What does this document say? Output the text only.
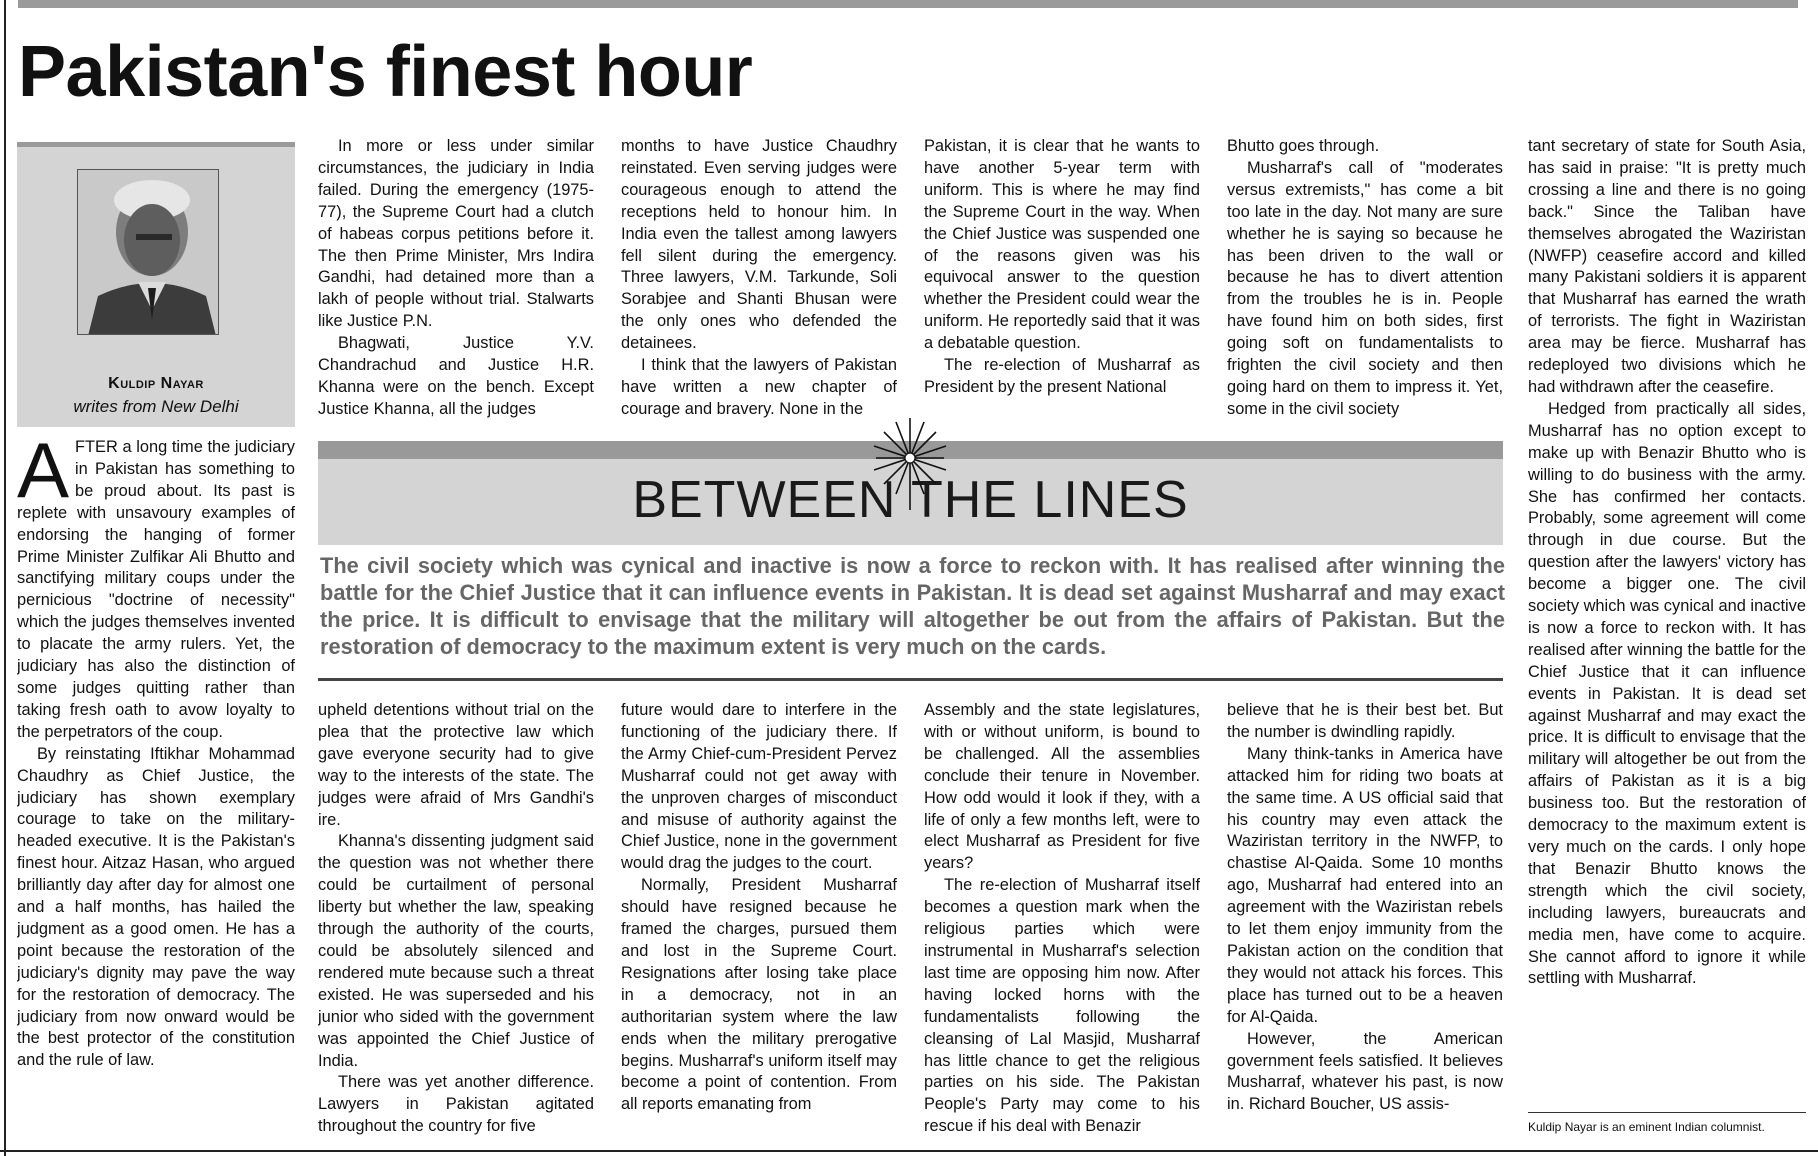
Pakistan's finest hour
Kuldip Nayar
writes from New Delhi

AFTER a long time the judiciary in Pakistan has something to be proud about. Its past is replete with unsavoury examples of endorsing the hanging of former Prime Minister Zulfikar Ali Bhutto and sanctifying military coups under the pernicious "doctrine of necessity" which the judges themselves invented to placate the army rulers. Yet, the judiciary has also the distinction of some judges quitting rather than taking fresh oath to avow loyalty to the perpetrators of the coup.

By reinstating Iftikhar Mohammad Chaudhry as Chief Justice, the judiciary has shown exemplary courage to take on the military-headed executive. It is the Pakistan's finest hour. Aitzaz Hasan, who argued brilliantly day after day for almost one and a half months, has hailed the judgment as a good omen. He has a point because the restoration of the judiciary's dignity may pave the way for the restoration of democracy. The judiciary from now onward would be the best protector of the constitution and the rule of law.

In more or less under similar circumstances, the judiciary in India failed. During the emergency (1975-77), the Supreme Court had a clutch of habeas corpus petitions before it. The then Prime Minister, Mrs Indira Gandhi, had detained more than a lakh of people without trial. Stalwarts like Justice P.N.

Bhagwati, Justice Y.V. Chandrachud and Justice H.R. Khanna were on the bench. Except Justice Khanna, all the judges

months to have Justice Chaudhry reinstated. Even serving judges were courageous enough to attend the receptions held to honour him. In India even the tallest among lawyers fell silent during the emergency. Three lawyers, V.M. Tarkunde, Soli Sorabjee and Shanti Bhusan were the only ones who defended the detainees.

I think that the lawyers of Pakistan have written a new chapter of courage and bravery. None in the

Pakistan, it is clear that he wants to have another 5-year term with uniform. This is where he may find the Supreme Court in the way. When the Chief Justice was suspended one of the reasons given was his equivocal answer to the question whether the President could wear the uniform. He reportedly said that it was a debatable question.

The re-election of Musharraf as President by the present National

Bhutto goes through.

Musharraf's call of "moderates versus extremists," has come a bit too late in the day. Not many are sure whether he is saying so because he has been driven to the wall or because he has to divert attention from the troubles he is in. People have found him on both sides, first going soft on fundamentalists to frighten the civil society and then going hard on them to impress it. Yet, some in the civil society

BETWEEN THE LINES
The civil society which was cynical and inactive is now a force to reckon with. It has realised after winning the battle for the Chief Justice that it can influence events in Pakistan. It is dead set against Musharraf and may exact the price. It is difficult to envisage that the military will altogether be out from the affairs of Pakistan. But the restoration of democracy to the maximum extent is very much on the cards.

upheld detentions without trial on the plea that the protective law which gave everyone security had to give way to the interests of the state. The judges were afraid of Mrs Gandhi's ire.

Khanna's dissenting judgment said the question was not whether there could be curtailment of personal liberty but whether the law, speaking through the authority of the courts, could be absolutely silenced and rendered mute because such a threat existed. He was superseded and his junior who sided with the government was appointed the Chief Justice of India.

There was yet another difference. Lawyers in Pakistan agitated throughout the country for five

future would dare to interfere in the functioning of the judiciary there. If the Army Chief-cum-President Pervez Musharraf could not get away with the unproven charges of misconduct and misuse of authority against the Chief Justice, none in the government would drag the judges to the court.

Normally, President Musharraf should have resigned because he framed the charges, pursued them and lost in the Supreme Court. Resignations after losing take place in a democracy, not in an authoritarian system where the law ends when the military prerogative begins. Musharraf's uniform itself may become a point of contention. From all reports emanating from

Assembly and the state legislatures, with or without uniform, is bound to be challenged. All the assemblies conclude their tenure in November. How odd would it look if they, with a life of only a few months left, were to elect Musharraf as President for five years?

The re-election of Musharraf itself becomes a question mark when the religious parties which were instrumental in Musharraf's selection last time are opposing him now. After having locked horns with the fundamentalists following the cleansing of Lal Masjid, Musharraf has little chance to get the religious parties on his side. The Pakistan People's Party may come to his rescue if his deal with Benazir

believe that he is their best bet. But the number is dwindling rapidly.

Many think-tanks in America have attacked him for riding two boats at the same time. A US official said that his country may even attack the Waziristan territory in the NWFP, to chastise Al-Qaida. Some 10 months ago, Musharraf had entered into an agreement with the Waziristan rebels to let them enjoy immunity from the Pakistan action on the condition that they would not attack his forces. This place has turned out to be a heaven for Al-Qaida.

However, the American government feels satisfied. It believes Musharraf, whatever his past, is now in. Richard Boucher, US assis-

tant secretary of state for South Asia, has said in praise: "It is pretty much crossing a line and there is no going back." Since the Taliban have themselves abrogated the Waziristan (NWFP) ceasefire accord and killed many Pakistani soldiers it is apparent that Musharraf has earned the wrath of terrorists. The fight in Waziristan area may be fierce. Musharraf has redeployed two divisions which he had withdrawn after the ceasefire.

Hedged from practically all sides, Musharraf has no option except to make up with Benazir Bhutto who is willing to do business with the army. She has confirmed her contacts. Probably, some agreement will come through in due course. But the question after the lawyers' victory has become a bigger one. The civil society which was cynical and inactive is now a force to reckon with. It has realised after winning the battle for the Chief Justice that it can influence events in Pakistan. It is dead set against Musharraf and may exact the price. It is difficult to envisage that the military will altogether be out from the affairs of Pakistan as it is a big business too. But the restoration of democracy to the maximum extent is very much on the cards. I only hope that Benazir Bhutto knows the strength which the civil society, including lawyers, bureaucrats and media men, have come to acquire. She cannot afford to ignore it while settling with Musharraf.

Kuldip Nayar is an eminent Indian columnist.
